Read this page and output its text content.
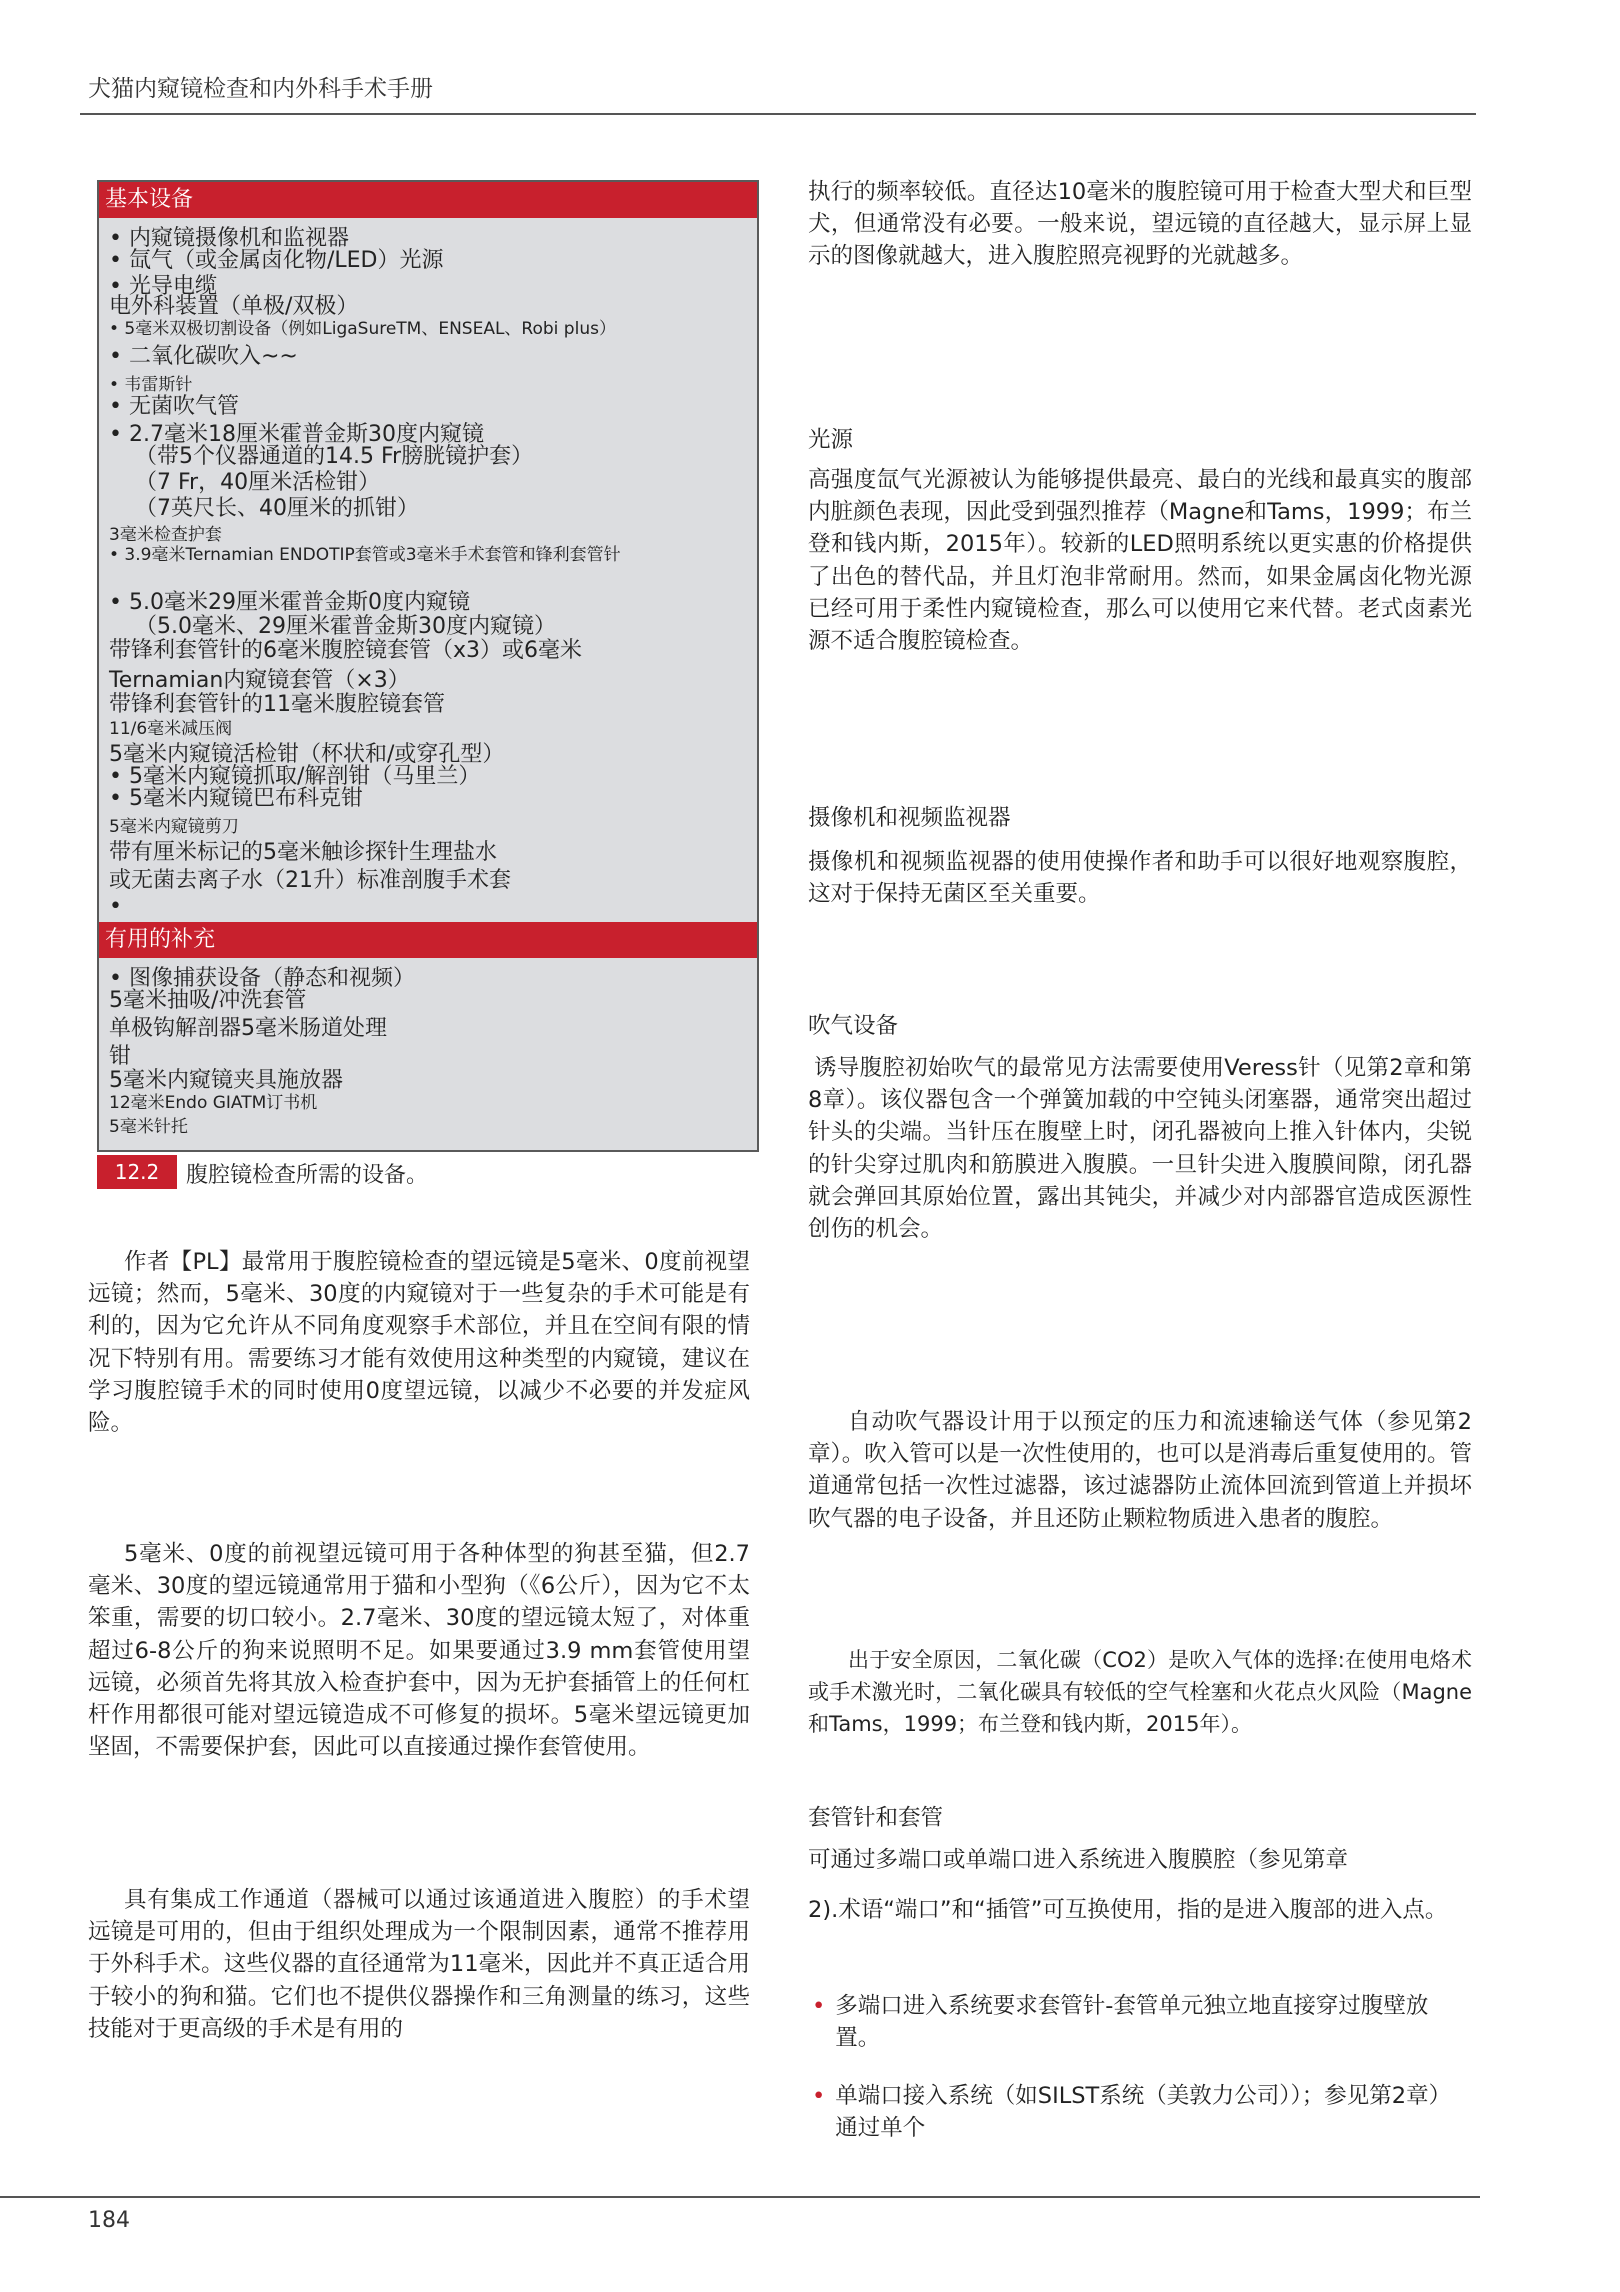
犬猫内窥镜检查和内外科手术手册
基本设备
• 内窥镜摄像机和监视器
• 氙气（或金属卤化物/LED）光源
• 光导电缆
电外科装置（单极/双极）
• 5毫米双极切割设备（例如LigaSureTM、ENSEAL、Robi plus）
• 二氧化碳吹入~~
• 韦雷斯针
• 无菌吹气管
• 2.7毫米18厘米霍普金斯30度内窥镜
（带5个仪器通道的14.5 Fr膀胱镜护套）
（7 Fr，40厘米活检钳）
（7英尺长、40厘米的抓钳）
3毫米检查护套
• 3.9毫米Ternamian ENDOTIP套管或3毫米手术套管和锋利套管针
• 5.0毫米29厘米霍普金斯0度内窥镜
（5.0毫米、29厘米霍普金斯30度内窥镜）
带锋利套管针的6毫米腹腔镜套管（x3）或6毫米
Ternamian内窥镜套管（×3）
带锋利套管针的11毫米腹腔镜套管
11/6毫米减压阀
5毫米内窥镜活检钳（杯状和/或穿孔型）
• 5毫米内窥镜抓取/解剖钳（马里兰）
• 5毫米内窥镜巴布科克钳
5毫米内窥镜剪刀
带有厘米标记的5毫米触诊探针生理盐水
或无菌去离子水（21升）标准剖腹手术套
•
有用的补充
• 图像捕获设备（静态和视频）
5毫米抽吸/冲洗套管
单极钩解剖器5毫米肠道处理
钳
5毫米内窥镜夹具施放器
12毫米Endo GIATM订书机
5毫米针托
12.2	腹腔镜检查所需的设备。
作者【PL】最常用于腹腔镜检查的望远镜是5毫米、0度前视望远镜；然而，5毫米、30度的内窥镜对于一些复杂的手术可能是有利的，因为它允许从不同角度观察手术部位，并且在空间有限的情况下特别有用。需要练习才能有效使用这种类型的内窥镜，建议在学习腹腔镜手术的同时使用0度望远镜，以减少不必要的并发症风险。
5毫米、0度的前视望远镜可用于各种体型的狗甚至猫，但2.7毫米、30度的望远镜通常用于猫和小型狗（《6公斤），因为它不太笨重，需要的切口较小。2.7毫米、30度的望远镜太短了，对体重超过6-8公斤的狗来说照明不足。如果要通过3.9 mm套管使用望远镜，必须首先将其放入检查护套中，因为无护套插管上的任何杠杆作用都很可能对望远镜造成不可修复的损坏。5毫米望远镜更加坚固，不需要保护套，因此可以直接通过操作套管使用。
具有集成工作通道（器械可以通过该通道进入腹腔）的手术望远镜是可用的，但由于组织处理成为一个限制因素，通常不推荐用于外科手术。这些仪器的直径通常为11毫米，因此并不真正适合用于较小的狗和猫。它们也不提供仪器操作和三角测量的练习，这些技能对于更高级的手术是有用的
执行的频率较低。直径达10毫米的腹腔镜可用于检查大型犬和巨型犬，但通常没有必要。一般来说，望远镜的直径越大，显示屏上显示的图像就越大，进入腹腔照亮视野的光就越多。
光源
高强度氙气光源被认为能够提供最亮、最白的光线和最真实的腹部内脏颜色表现，因此受到强烈推荐（Magne和Tams，1999；布兰登和钱内斯，2015年）。较新的LED照明系统以更实惠的价格提供了出色的替代品，并且灯泡非常耐用。然而，如果金属卤化物光源已经可用于柔性内窥镜检查，那么可以使用它来代替。老式卤素光源不适合腹腔镜检查。
摄像机和视频监视器
摄像机和视频监视器的使用使操作者和助手可以很好地观察腹腔，这对于保持无菌区至关重要。
吹气设备
诱导腹腔初始吹气的最常见方法需要使用Veress针（见第2章和第8章）。该仪器包含一个弹簧加载的中空钝头闭塞器，通常突出超过针头的尖端。当针压在腹壁上时，闭孔器被向上推入针体内，尖锐的针尖穿过肌肉和筋膜进入腹膜。一旦针尖进入腹膜间隙，闭孔器就会弹回其原始位置，露出其钝尖，并减少对内部器官造成医源性创伤的机会。
自动吹气器设计用于以预定的压力和流速输送气体（参见第2章）。吹入管可以是一次性使用的，也可以是消毒后重复使用的。管道通常包括一次性过滤器，该过滤器防止流体回流到管道上并损坏吹气器的电子设备，并且还防止颗粒物质进入患者的腹腔。
出于安全原因，二氧化碳（CO2）是吹入气体的选择:在使用电烙术或手术激光时，二氧化碳具有较低的空气栓塞和火花点火风险（Magne和Tams，1999；布兰登和钱内斯，2015年）。
套管针和套管
可通过多端口或单端口进入系统进入腹膜腔（参见第章
2).术语“端口”和“插管”可互换使用，指的是进入腹部的进入点。
• 多端口进入系统要求套管针-套管单元独立地直接穿过腹壁放置。
• 单端口接入系统（如SILST系统（美敦力公司））；参见第2章）通过单个
184
